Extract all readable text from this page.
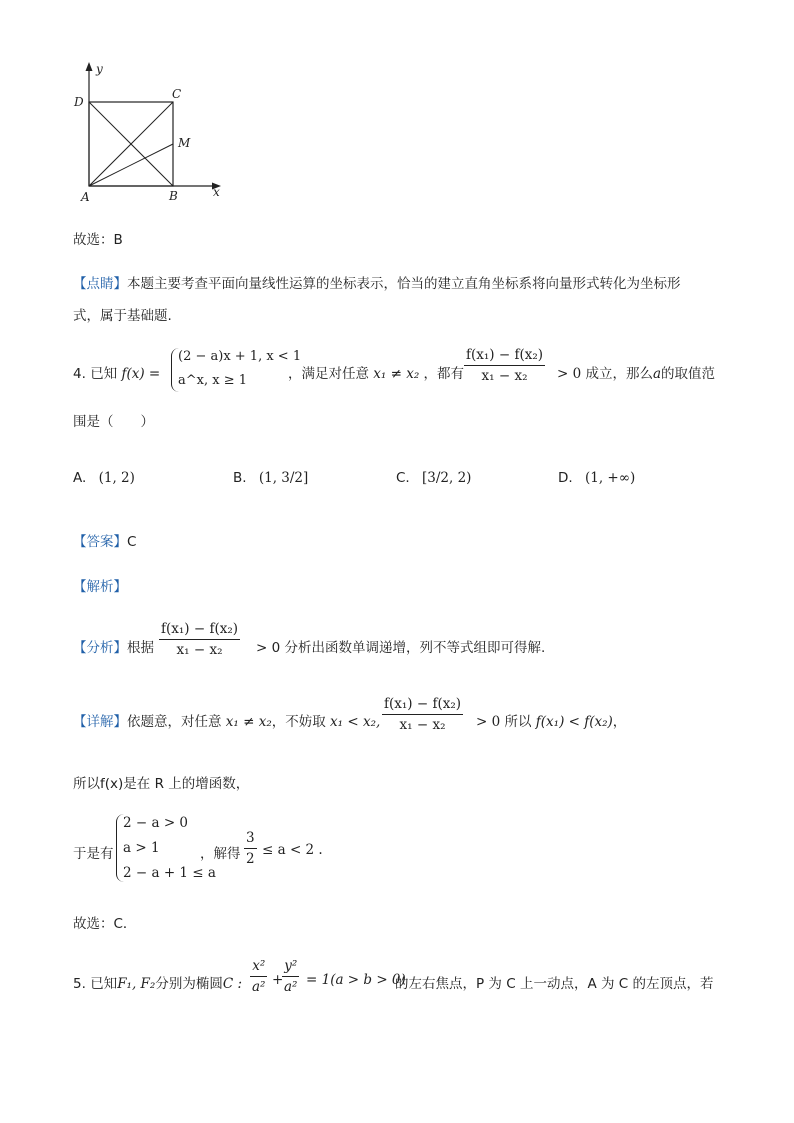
y
D
C
M
A	B	x
故选：B
【点睛】本题主要考查平面向量线性运算的坐标表示，恰当的建立直角坐标系将向量形式转化为坐标形
式，属于基础题.
4. 已知 f(x) =
(2 − a)x + 1, x < 1
a^x, x ≥ 1	，满足对任意 x₁ ≠ x₂ ，都有 $\frac{\text{f(x₁) − f(x₂)}}{\text{x₁ − x₂}} > 0$ 成立，那么a的取值范
围是（　　）
A. (1, 2)	B. (1, 3/2]	C. [3/2, 2)	D. (1, +∞)
【答案】C
【解析】
【分析】根据 $\frac{\text{f(x₁) − f(x₂)}}{\text{x₁ − x₂}} > 0$ 分析出函数单调递增，列不等式组即可得解.
【详解】依题意，对任意 x₁ ≠ x₂，不妨取 x₁ < x₂, $\frac{\text{f(x₁) − f(x₂)}}{\text{x₁ − x₂}} > 0$ 所以 f(x₁) < f(x₂)，
所以f(x)是在 R 上的增函数，
于是有
2 − a > 0
a > 1
2 − a + 1 ≤ a
，解得 $\frac{3}{2} \le a < 2$ .
故选：C．
5. 已知F₁, F₂分别为椭圆C : $\frac{\text{x²}}{\text{a²}}$ +
$\frac{\text{y²}}{\text{a²}} = 1(a > b > 0)$
的左右焦点，P 为 C 上一动点，A 为 C 的左顶点，若
